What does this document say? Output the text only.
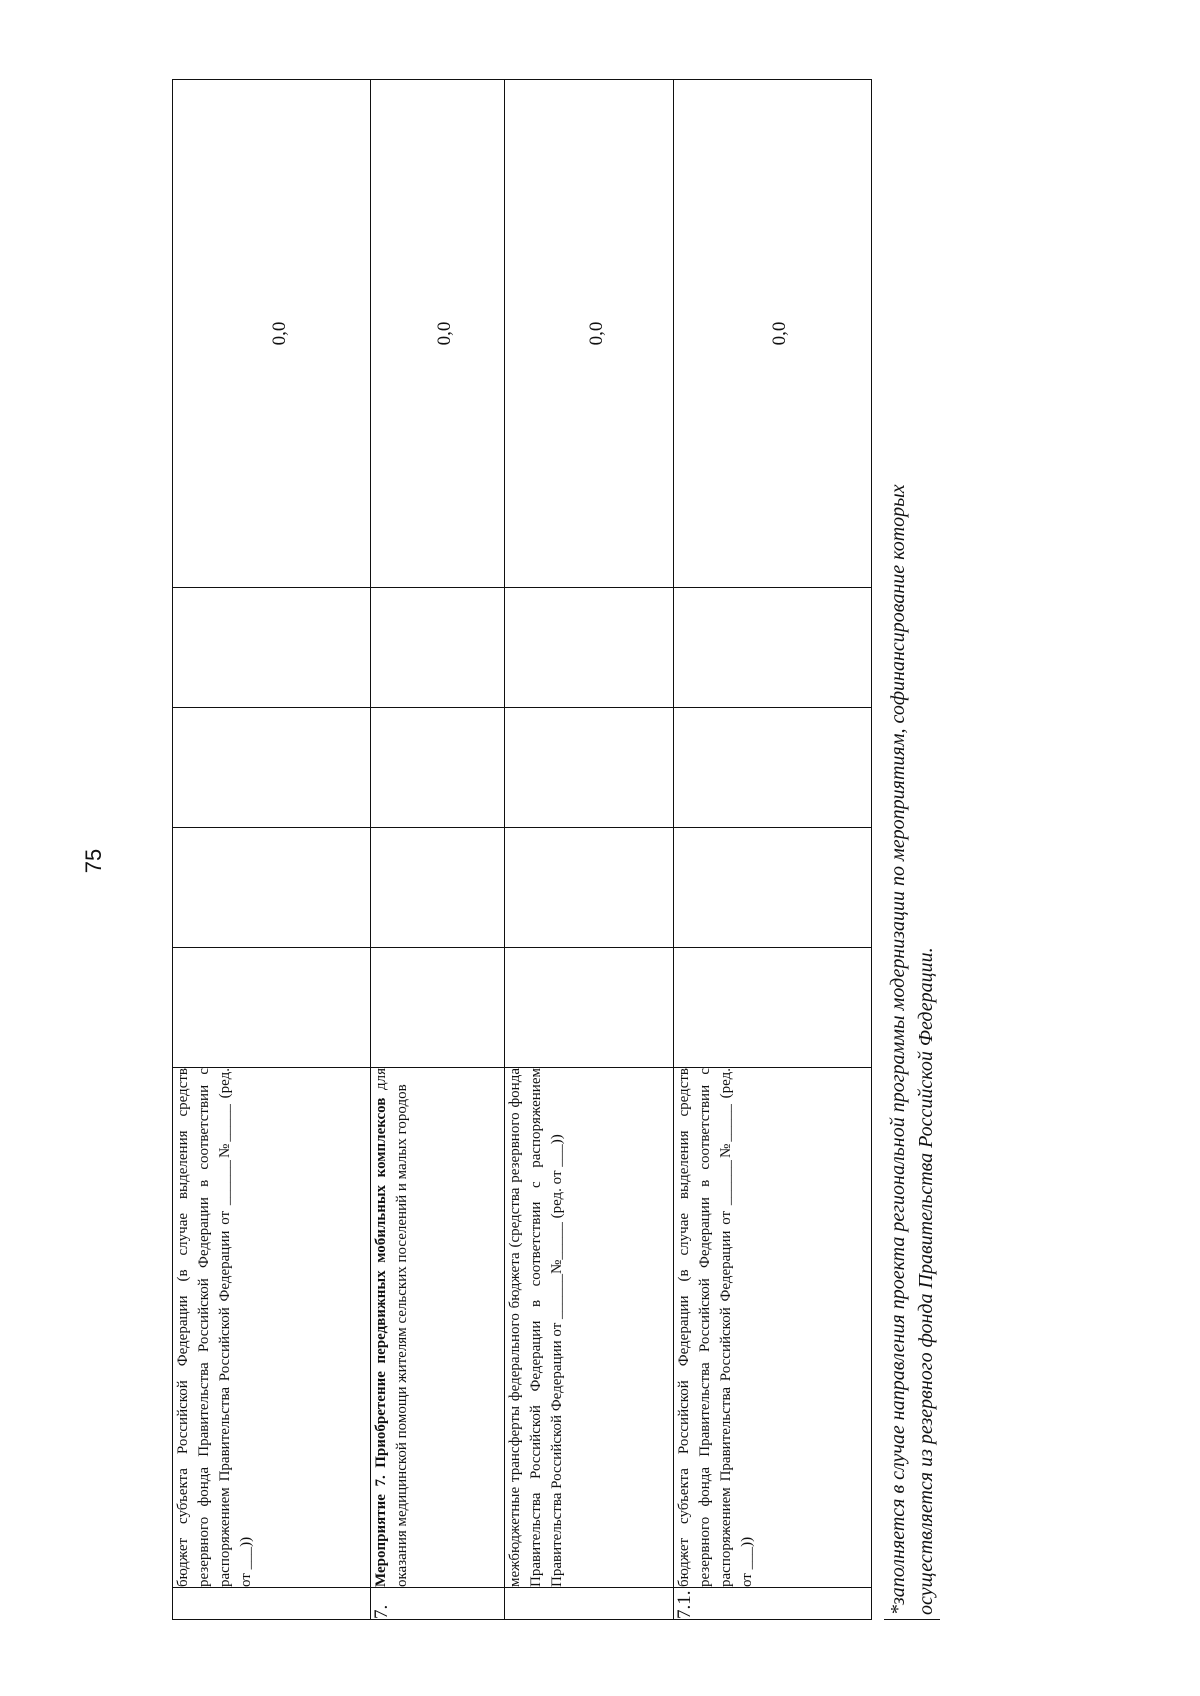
75
	бюджет субъекта Российской Федерации (в случае выделения средств резервного фонда Правительства Российской Федерации в соответствии с распоряжением Правительства Российской Федерации от ______№_____ (ред. от ___))					0,0
7.	Мероприятие 7. Приобретение передвижных мобильных комплексов для оказания медицинской помощи жителям сельских поселений и малых городов					0,0
	межбюджетные трансферты федерального бюджета (средства резервного фонда Правительства Российской Федерации в соответствии с распоряжением Правительства Российской Федерации от ______№_____ (ред. от ___))					0,0
7.1.	бюджет субъекта Российской Федерации (в случае выделения средств резервного фонда Правительства Российской Федерации в соответствии с распоряжением Правительства Российской Федерации от ______№_____ (ред. от ___))					0,0
*заполняется в случае направления проекта региональной программы модернизации по мероприятиям, софинансирование которых осуществляется из резервного фонда Правительства Российской Федерации.
